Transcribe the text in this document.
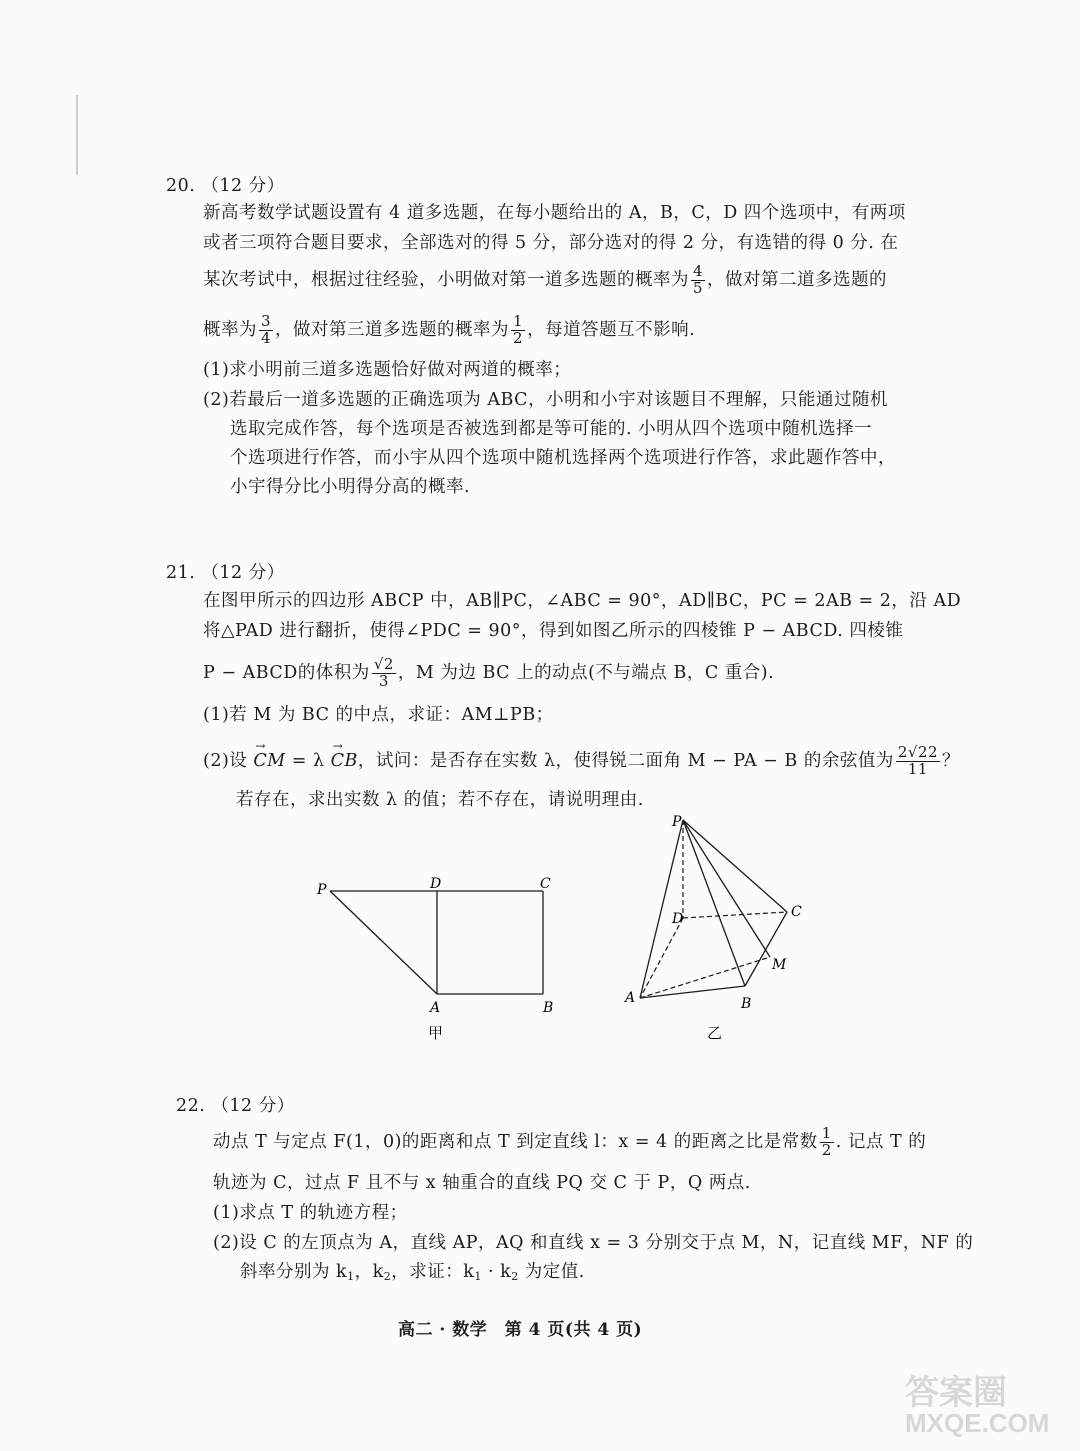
20. （12 分）
新高考数学试题设置有 4 道多选题，在每小题给出的 A，B，C，D 四个选项中，有两项
或者三项符合题目要求，全部选对的得 5 分，部分选对的得 2 分，有选错的得 0 分. 在
某次考试中，根据过往经验，小明做对第一道多选题的概率为 $\frac{4}{5}$ ，做对第二道多选题的
概率为 $\frac{3}{4}$ ，做对第三道多选题的概率为 $\frac{1}{2}$ ，每道答题互不影响.
(1)求小明前三道多选题恰好做对两道的概率；
(2)若最后一道多选题的正确选项为 ABC，小明和小宇对该题目不理解，只能通过随机
选取完成作答，每个选项是否被选到都是等可能的. 小明从四个选项中随机选择一
个选项进行作答，而小宇从四个选项中随机选择两个选项进行作答，求此题作答中，
小宇得分比小明得分高的概率.
21. （12 分）
在图甲所示的四边形 ABCP 中，AB∥PC，∠ABC = 90°，AD∥BC，PC = 2AB = 2，沿 AD
将△PAD 进行翻折，使得∠PDC = 90°，得到如图乙所示的四棱锥 P − ABCD. 四棱锥
P − ABCD的体积为 $\frac{√2}{3}$ ，M 为边 BC 上的动点(不与端点 B，C 重合).
(1)若 M 为 BC 的中点，求证：AM⊥PB；
(2)设 → CM = λ → CB，试问：是否存在实数 λ，使得锐二面角 M − PA − B 的余弦值为 $\frac{2√22}{11}$ ？
若存在，求出实数 λ 的值；若不存在，请说明理由.
P	D	C
A	B
甲
P
D	C
M
A	B
乙
22. （12 分）
动点 T 与定点 F(1，0)的距离和点 T 到定直线 l：x = 4 的距离之比是常数 $\frac{1}{2}$ . 记点 T 的
轨迹为 C，过点 F 且不与 x 轴重合的直线 PQ 交 C 于 P，Q 两点.
(1)求点 T 的轨迹方程；
(2)设 C 的左顶点为 A，直线 AP，AQ 和直线 x = 3 分别交于点 M，N，记直线 MF，NF 的
斜率分别为 $k_1$，$k_2$，求证：$k_1 \cdot k_2$ 为定值.
高二 · 数学　第 4 页(共 4 页)
答案圈
MXQE.COM
